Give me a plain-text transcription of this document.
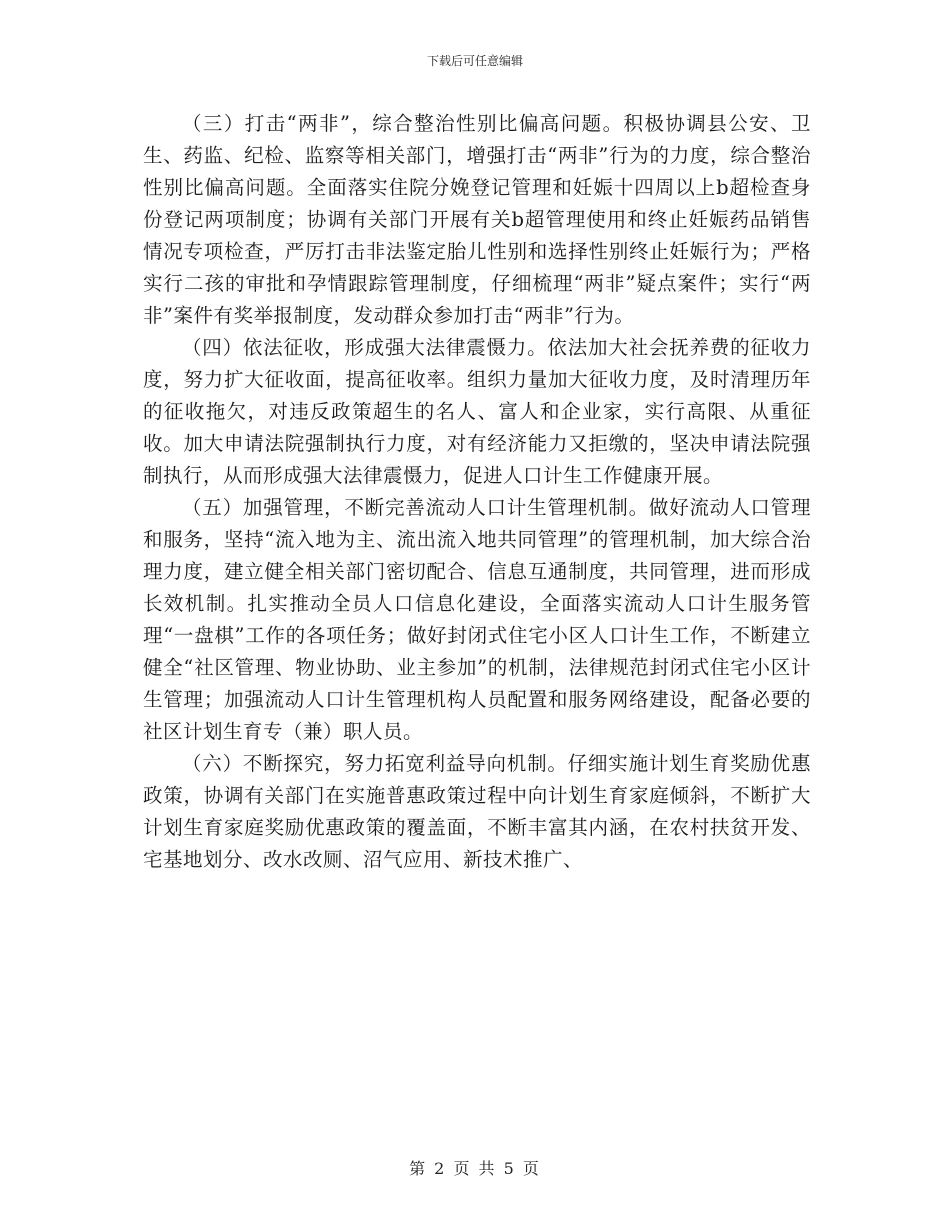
下载后可任意编辑

（三）打击“两非”，综合整治性别比偏高问题。积极协调县公安、卫生、药监、纪检、监察等相关部门，增强打击“两非”行为的力度，综合整治性别比偏高问题。全面落实住院分娩登记管理和妊娠十四周以上b超检查身份登记两项制度；协调有关部门开展有关b超管理使用和终止妊娠药品销售情况专项检查，严厉打击非法鉴定胎儿性别和选择性别终止妊娠行为；严格实行二孩的审批和孕情跟踪管理制度，仔细梳理“两非”疑点案件；实行“两非”案件有奖举报制度，发动群众参加打击“两非”行为。

（四）依法征收，形成强大法律震慑力。依法加大社会抚养费的征收力度，努力扩大征收面，提高征收率。组织力量加大征收力度，及时清理历年的征收拖欠，对违反政策超生的名人、富人和企业家，实行高限、从重征收。加大申请法院强制执行力度，对有经济能力又拒缴的，坚决申请法院强制执行，从而形成强大法律震慑力，促进人口计生工作健康开展。

（五）加强管理，不断完善流动人口计生管理机制。做好流动人口管理和服务，坚持“流入地为主、流出流入地共同管理”的管理机制，加大综合治理力度，建立健全相关部门密切配合、信息互通制度，共同管理，进而形成长效机制。扎实推动全员人口信息化建设，全面落实流动人口计生服务管理“一盘棋”工作的各项任务；做好封闭式住宅小区人口计生工作，不断建立健全“社区管理、物业协助、业主参加”的机制，法律规范封闭式住宅小区计生管理；加强流动人口计生管理机构人员配置和服务网络建设，配备必要的社区计划生育专（兼）职人员。

（六）不断探究，努力拓宽利益导向机制。仔细实施计划生育奖励优惠政策，协调有关部门在实施普惠政策过程中向计划生育家庭倾斜，不断扩大计划生育家庭奖励优惠政策的覆盖面，不断丰富其内涵，在农村扶贫开发、宅基地划分、改水改厕、沼气应用、新技术推广、

第 2 页 共 5 页
